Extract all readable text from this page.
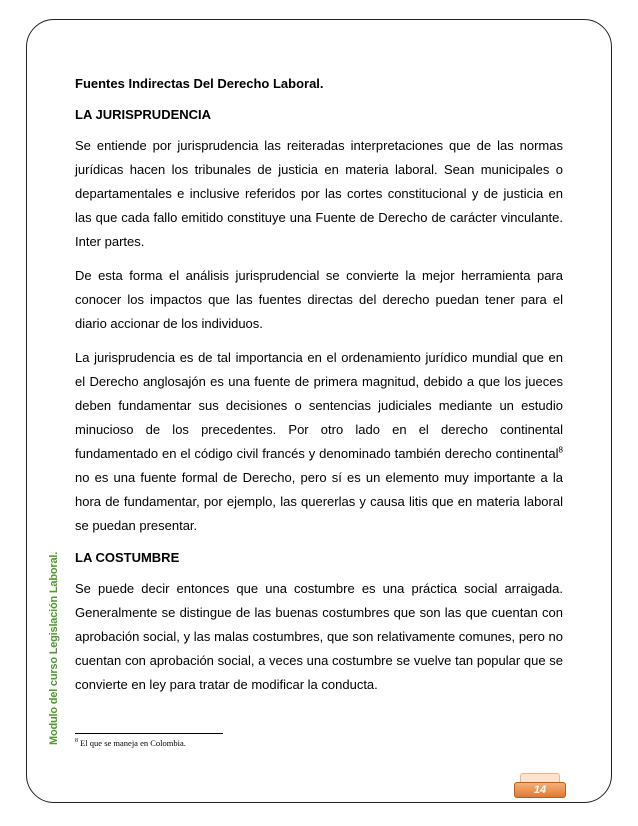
Modulo del curso Legislación Laboral.

Fuentes Indirectas Del Derecho Laboral.

LA JURISPRUDENCIA

Se entiende por jurisprudencia las reiteradas interpretaciones que de las normas jurídicas hacen los tribunales de justicia en materia laboral. Sean municipales o departamentales e inclusive referidos por las cortes constitucional y de justicia en las que cada fallo emitido constituye una Fuente de Derecho de carácter vinculante. Inter partes.

De esta forma el análisis jurisprudencial se convierte la mejor herramienta para conocer los impactos que las fuentes directas del derecho puedan tener para el diario accionar de los individuos.

La jurisprudencia es de tal importancia en el ordenamiento jurídico mundial que en el Derecho anglosajón es una fuente de primera magnitud, debido a que los jueces deben fundamentar sus decisiones o sentencias judiciales mediante un estudio minucioso de los precedentes. Por otro lado en el derecho continental fundamentado en el código civil francés y denominado también derecho continental$^8$ no es una fuente formal de Derecho, pero sí es un elemento muy importante a la hora de fundamentar, por ejemplo, las quererlas y causa litis que en materia laboral se puedan presentar.

LA COSTUMBRE

Se puede decir entonces que una costumbre es una práctica social arraigada. Generalmente se distingue de las buenas costumbres que son las que cuentan con aprobación social, y las malas costumbres, que son relativamente comunes, pero no cuentan con aprobación social, a veces una costumbre se vuelve tan popular que se convierte en ley para tratar de modificar la conducta.

$^8$ El que se maneja en Colombia.
14
